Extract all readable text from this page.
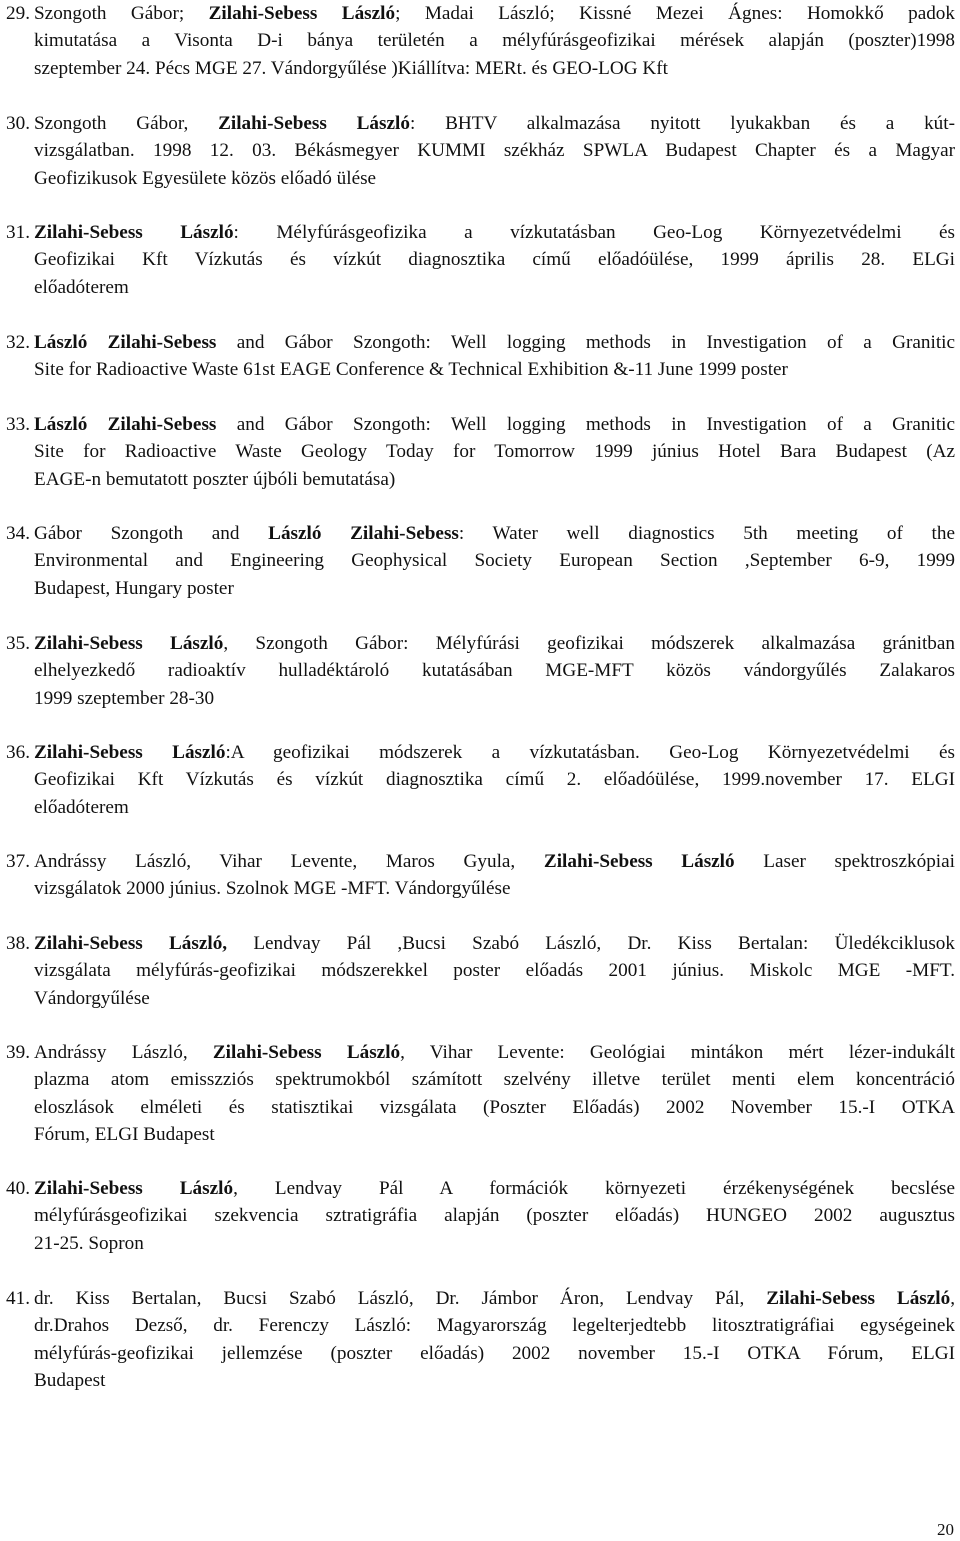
29. Szongoth Gábor; Zilahi-Sebess László; Madai László; Kissné Mezei Ágnes: Homokkő padok
kimutatása a Visonta D-i bánya területén a mélyfúrásgeofizikai mérések alapján (poszter)1998
szeptember 24. Pécs MGE 27. Vándorgyűlése )Kiállítva: MERt. és GEO-LOG Kft
30. Szongoth Gábor, Zilahi-Sebess László: BHTV alkalmazása nyitott lyukakban és a kút-
vizsgálatban. 1998 12. 03. Békásmegyer KUMMI székház SPWLA Budapest Chapter és a Magyar
Geofizikusok Egyesülete közös előadó ülése
31. Zilahi-Sebess László: Mélyfúrásgeofizika a vízkutatásban Geo-Log Környezetvédelmi és
Geofizikai Kft Vízkutás és vízkút diagnosztika című előadóülése, 1999 április 28. ELGi
előadóterem
32. László Zilahi-Sebess and Gábor Szongoth: Well logging methods in Investigation of a Granitic
Site for Radioactive Waste 61st EAGE Conference & Technical Exhibition &-11 June 1999 poster
33. László Zilahi-Sebess and Gábor Szongoth: Well logging methods in Investigation of a Granitic
Site for Radioactive Waste Geology Today for Tomorrow 1999 június Hotel Bara Budapest (Az
EAGE-n bemutatott poszter újbóli bemutatása)
34. Gábor Szongoth and László Zilahi-Sebess: Water well diagnostics 5th meeting of the
Environmental and Engineering Geophysical Society European Section ,September 6-9, 1999
Budapest, Hungary poster
35. Zilahi-Sebess László, Szongoth Gábor: Mélyfúrási geofizikai módszerek alkalmazása gránitban
elhelyezkedő radioaktív hulladéktároló kutatásában MGE-MFT közös vándorgyűlés Zalakaros
1999 szeptember 28-30
36. Zilahi-Sebess László:A geofizikai módszerek a vízkutatásban. Geo-Log Környezetvédelmi és
Geofizikai Kft Vízkutás és vízkút diagnosztika című 2. előadóülése, 1999.november 17. ELGI
előadóterem
37. Andrássy László, Vihar Levente, Maros Gyula, Zilahi-Sebess László Laser spektroszkópiai
vizsgálatok 2000 június. Szolnok MGE -MFT. Vándorgyűlése
38. Zilahi-Sebess László, Lendvay Pál ,Bucsi Szabó László, Dr. Kiss Bertalan: Üledékciklusok
vizsgálata mélyfúrás-geofizikai módszerekkel poster előadás 2001 június. Miskolc MGE -MFT.
Vándorgyűlése
39. Andrássy László, Zilahi-Sebess László, Vihar Levente: Geológiai mintákon mért lézer-indukált
plazma atom emisszziós spektrumokból számított szelvény illetve terület menti elem koncentráció
eloszlások elméleti és statisztikai vizsgálata (Poszter Előadás) 2002 November 15.-I OTKA
Fórum, ELGI Budapest
40. Zilahi-Sebess László, Lendvay Pál A formációk környezeti érzékenységének becslése
mélyfúrásgeofizikai szekvencia sztratigráfia alapján (poszter előadás) HUNGEO 2002 augusztus
21-25. Sopron
41. dr. Kiss Bertalan, Bucsi Szabó László, Dr. Jámbor Áron, Lendvay Pál, Zilahi-Sebess László,
dr.Drahos Dezső, dr. Ferenczy László: Magyarország legelterjedtebb litosztratigráfiai egységeinek
mélyfúrás-geofizikai jellemzése (poszter előadás) 2002 november 15.-I OTKA Fórum, ELGI
Budapest
20
